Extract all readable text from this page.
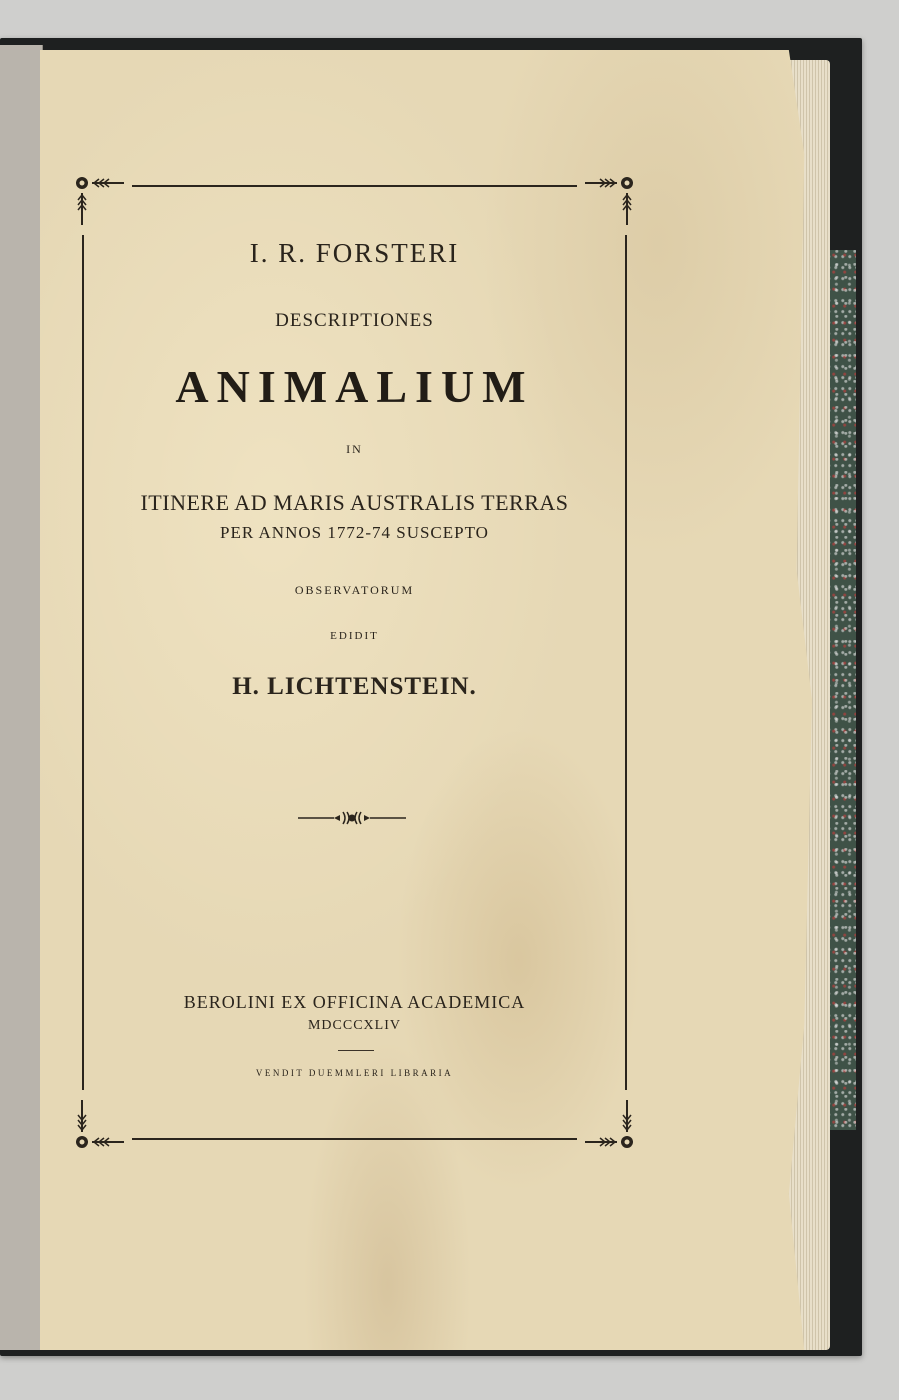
I. R. FORSTERI
DESCRIPTIONES
ANIMALIUM
IN
ITINERE AD MARIS AUSTRALIS TERRAS
PER ANNOS 1772-74 SUSCEPTO
OBSERVATORUM
EDIDIT
H. LICHTENSTEIN.
BEROLINI EX OFFICINA ACADEMICA
MDCCCXLIV
VENDIT DUEMMLERI LIBRARIA
